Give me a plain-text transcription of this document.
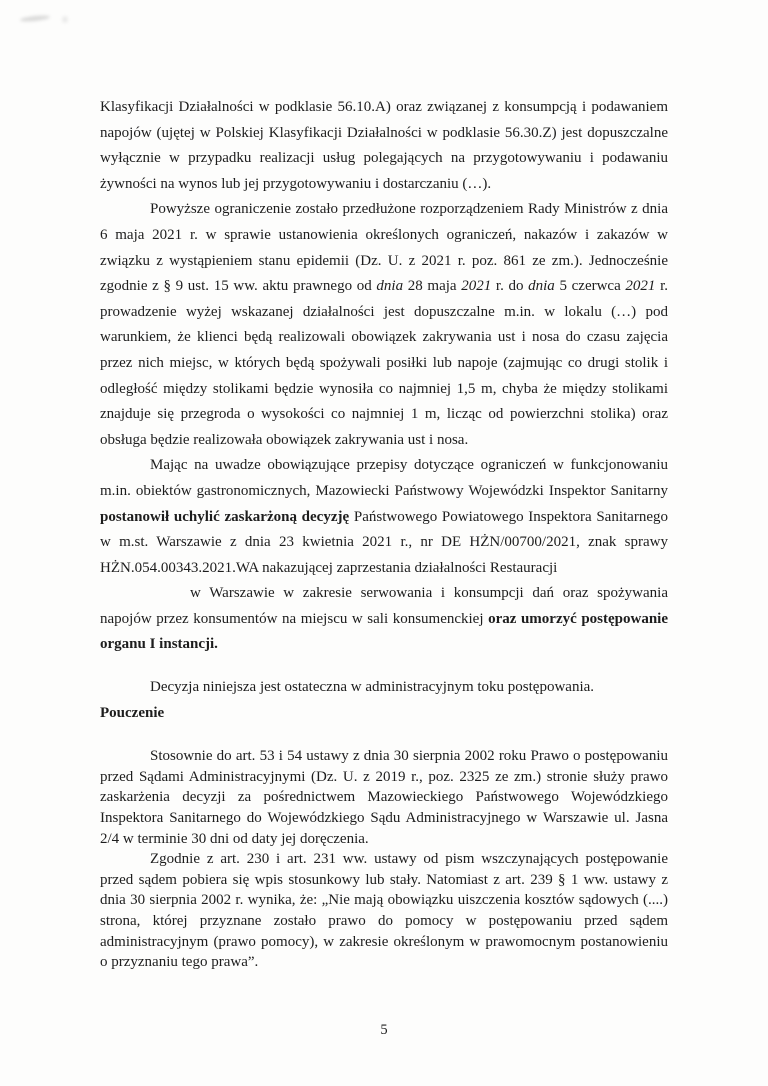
Klasyfikacji Działalności w podklasie 56.10.A) oraz związanej z konsumpcją i podawaniem napojów (ujętej w Polskiej Klasyfikacji Działalności w podklasie 56.30.Z) jest dopuszczalne wyłącznie w przypadku realizacji usług polegających na przygotowywaniu i podawaniu żywności na wynos lub jej przygotowywaniu i dostarczaniu (…).

Powyższe ograniczenie zostało przedłużone rozporządzeniem Rady Ministrów z dnia 6 maja 2021 r. w sprawie ustanowienia określonych ograniczeń, nakazów i zakazów w związku z wystąpieniem stanu epidemii (Dz. U. z 2021 r. poz. 861 ze zm.). Jednocześnie zgodnie z § 9 ust. 15 ww. aktu prawnego od dnia 28 maja 2021 r. do dnia 5 czerwca 2021 r. prowadzenie wyżej wskazanej działalności jest dopuszczalne m.in. w lokalu (…) pod warunkiem, że klienci będą realizowali obowiązek zakrywania ust i nosa do czasu zajęcia przez nich miejsc, w których będą spożywali posiłki lub napoje (zajmując co drugi stolik i odległość między stolikami będzie wynosiła co najmniej 1,5 m, chyba że między stolikami znajduje się przegroda o wysokości co najmniej 1 m, licząc od powierzchni stolika) oraz obsługa będzie realizowała obowiązek zakrywania ust i nosa.

Mając na uwadze obowiązujące przepisy dotyczące ograniczeń w funkcjonowaniu m.in. obiektów gastronomicznych, Mazowiecki Państwowy Wojewódzki Inspektor Sanitarny postanowił uchylić zaskarżoną decyzję Państwowego Powiatowego Inspektora Sanitarnego w m.st. Warszawie z dnia 23 kwietnia 2021 r., nr DE HŻN/00700/2021, znak sprawy HŻN.054.00343.2021.WA nakazującej zaprzestania działalności Restauracji

w Warszawie w zakresie serwowania i konsumpcji dań oraz spożywania napojów przez konsumentów na miejscu w sali konsumenckiej oraz umorzyć postępowanie organu I instancji.

Decyzja niniejsza jest ostateczna w administracyjnym toku postępowania.

Pouczenie

Stosownie do art. 53 i 54 ustawy z dnia 30 sierpnia 2002 roku Prawo o postępowaniu przed Sądami Administracyjnymi (Dz. U. z 2019 r., poz. 2325 ze zm.) stronie służy prawo zaskarżenia decyzji za pośrednictwem Mazowieckiego Państwowego Wojewódzkiego Inspektora Sanitarnego do Wojewódzkiego Sądu Administracyjnego w Warszawie ul. Jasna 2/4 w terminie 30 dni od daty jej doręczenia.

Zgodnie z art. 230 i art. 231 ww. ustawy od pism wszczynających postępowanie przed sądem pobiera się wpis stosunkowy lub stały. Natomiast z art. 239 § 1 ww. ustawy z dnia 30 sierpnia 2002 r. wynika, że: „Nie mają obowiązku uiszczenia kosztów sądowych (....) strona, której przyznane zostało prawo do pomocy w postępowaniu przed sądem administracyjnym (prawo pomocy), w zakresie określonym w prawomocnym postanowieniu o przyznaniu tego prawa”.

5
